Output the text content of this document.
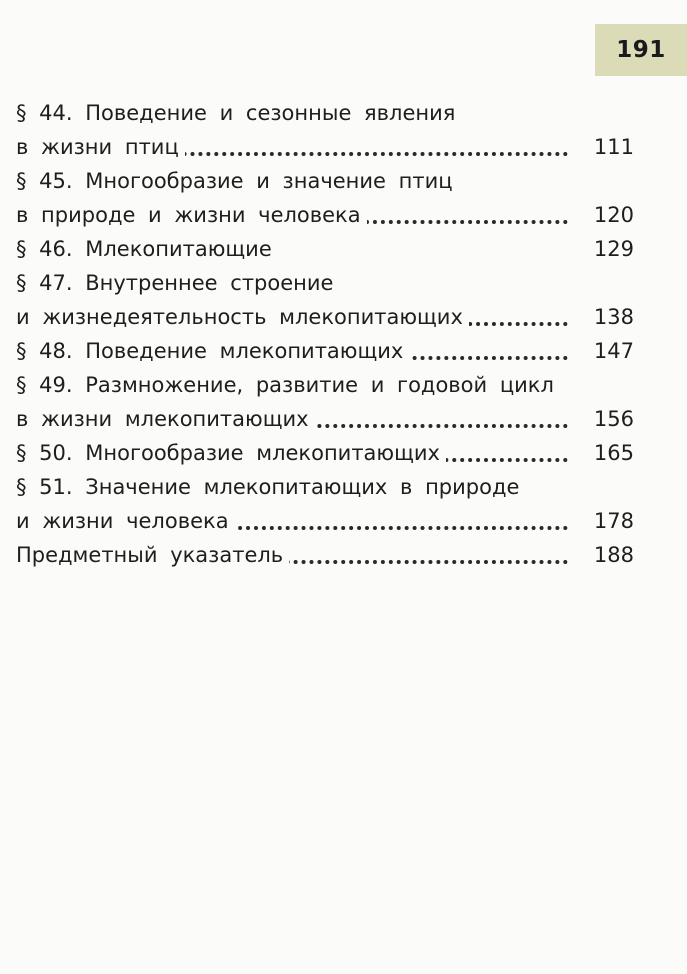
191
§ 44. Поведение и сезонные явления
в жизни птиц	111
§ 45. Многообразие и значение птиц
в природе и жизни человека	120
§ 46. Млекопитающие	129
§ 47. Внутреннее строение
и жизнедеятельность млекопитающих	138
§ 48. Поведение млекопитающих	147
§ 49. Размножение, развитие и годовой цикл
в жизни млекопитающих	156
§ 50. Многообразие млекопитающих	165
§ 51. Значение млекопитающих в природе
и жизни человека	178
Предметный указатель	188
